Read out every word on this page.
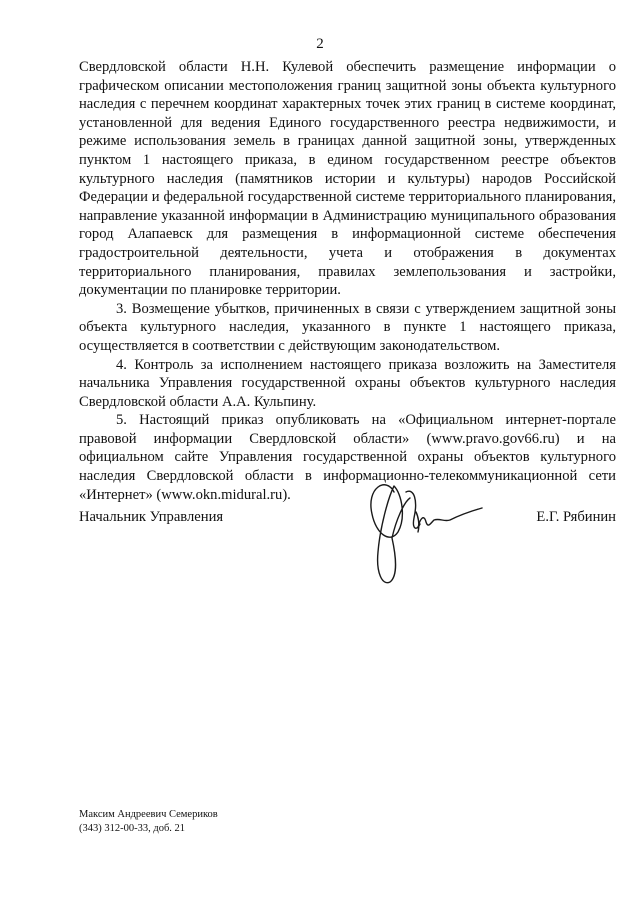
2

Свердловской области Н.Н. Кулевой обеспечить размещение информации о графическом описании местоположения границ защитной зоны объекта культурного наследия с перечнем координат характерных точек этих границ в системе координат, установленной для ведения Единого государственного реестра недвижимости, и режиме использования земель в границах данной защитной зоны, утвержденных пунктом 1 настоящего приказа, в едином государственном реестре объектов культурного наследия (памятников истории и культуры) народов Российской Федерации и федеральной государственной системе территориального планирования, направление указанной информации в Администрацию муниципального образования город Алапаевск для размещения в информационной системе обеспечения градостроительной деятельности, учета и отображения в документах территориального планирования, правилах землепользования и застройки, документации по планировке территории.

3. Возмещение убытков, причиненных в связи с утверждением защитной зоны объекта культурного наследия, указанного в пункте 1 настоящего приказа, осуществляется в соответствии с действующим законодательством.

4. Контроль за исполнением настоящего приказа возложить на Заместителя начальника Управления государственной охраны объектов культурного наследия Свердловской области А.А. Кульпину.

5. Настоящий приказ опубликовать на «Официальном интернет-портале правовой информации Свердловской области» (www.pravo.gov66.ru) и на официальном сайте Управления государственной охраны объектов культурного наследия Свердловской области в информационно-телекоммуникационной сети «Интернет» (www.okn.midural.ru).

Начальник Управления	Е.Г. Рябинин
Максим Андреевич Семериков
(343) 312-00-33, доб. 21
